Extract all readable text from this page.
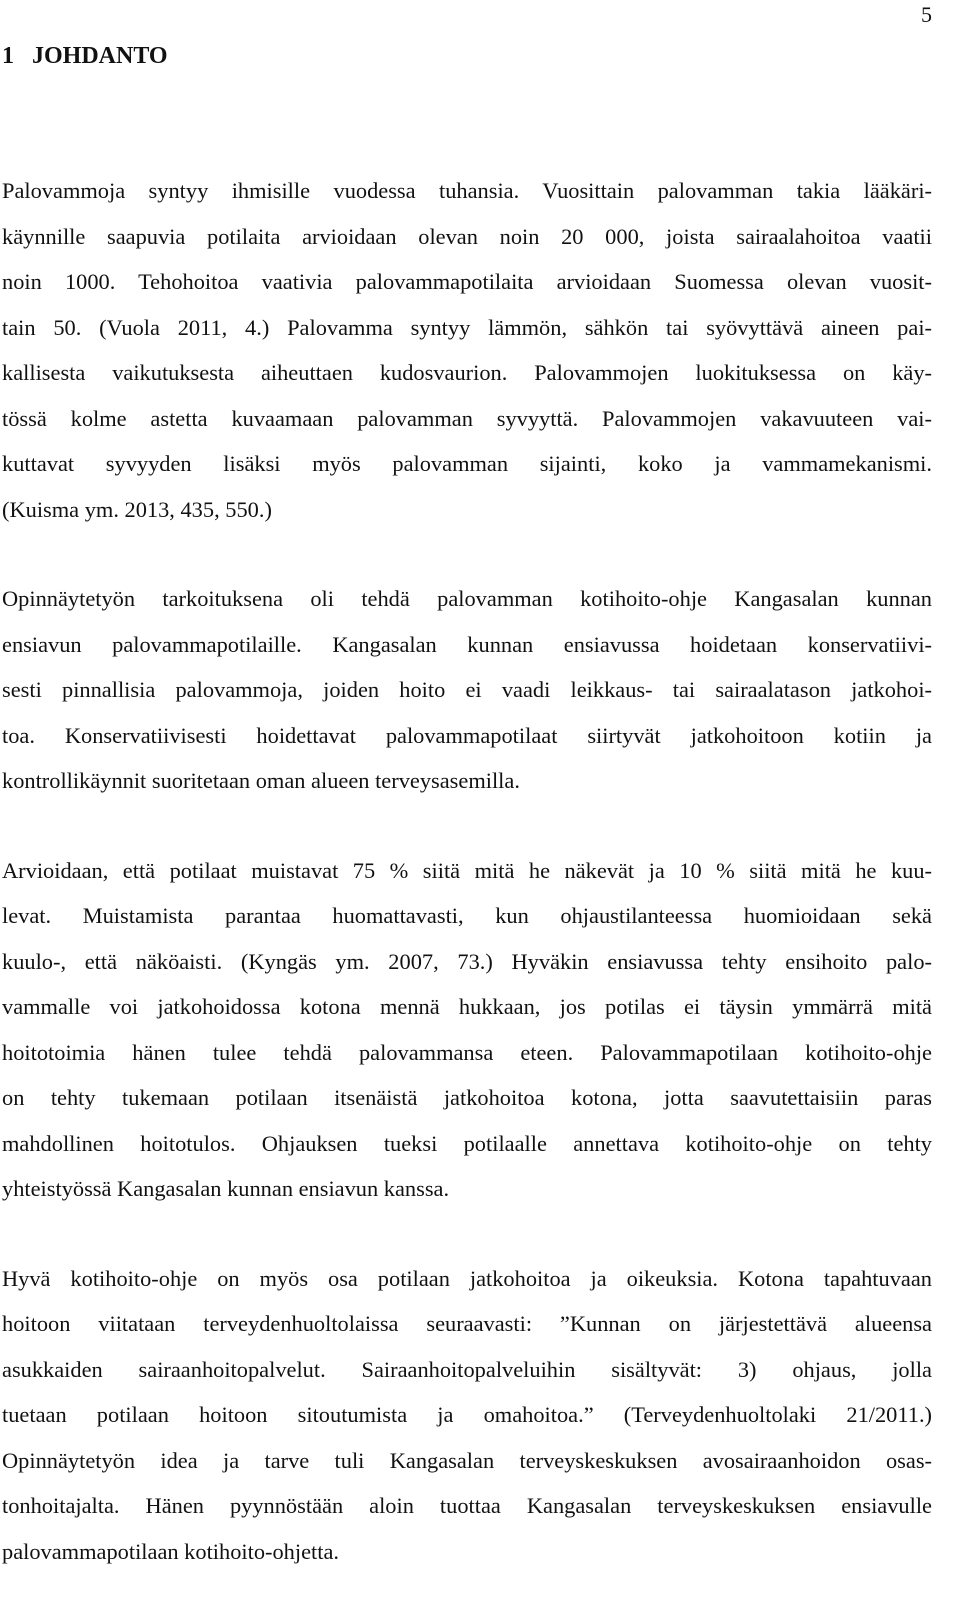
5
1   JOHDANTO

Palovammoja syntyy ihmisille vuodessa tuhansia. Vuosittain palovamman takia lääkäri-
käynnille saapuvia potilaita arvioidaan olevan noin 20 000, joista sairaalahoitoa vaatii
noin 1000. Tehohoitoa vaativia palovammapotilaita arvioidaan Suomessa olevan vuosit-
tain 50. (Vuola 2011, 4.) Palovamma syntyy lämmön, sähkön tai syövyttävä aineen pai-
kallisesta vaikutuksesta aiheuttaen kudosvaurion. Palovammojen luokituksessa on käy-
tössä kolme astetta kuvaamaan palovamman syvyyttä. Palovammojen vakavuuteen vai-
kuttavat syvyyden lisäksi myös palovamman sijainti, koko ja vammamekanismi.
(Kuisma ym. 2013, 435, 550.)

Opinnäytetyön tarkoituksena oli tehdä palovamman kotihoito-ohje Kangasalan kunnan
ensiavun palovammapotilaille. Kangasalan kunnan ensiavussa hoidetaan konservatiivi-
sesti pinnallisia palovammoja, joiden hoito ei vaadi leikkaus- tai sairaalatason jatkohoi-
toa. Konservatiivisesti hoidettavat palovammapotilaat siirtyvät jatkohoitoon kotiin ja
kontrollikäynnit suoritetaan oman alueen terveysasemilla.

Arvioidaan, että potilaat muistavat 75 % siitä mitä he näkevät ja 10 % siitä mitä he kuu-
levat. Muistamista parantaa huomattavasti, kun ohjaustilanteessa huomioidaan sekä
kuulo-, että näköaisti. (Kyngäs ym. 2007, 73.) Hyväkin ensiavussa tehty ensihoito palo-
vammalle voi jatkohoidossa kotona mennä hukkaan, jos potilas ei täysin ymmärrä mitä
hoitotoimia hänen tulee tehdä palovammansa eteen. Palovammapotilaan kotihoito-ohje
on tehty tukemaan potilaan itsenäistä jatkohoitoa kotona, jotta saavutettaisiin paras
mahdollinen hoitotulos. Ohjauksen tueksi potilaalle annettava kotihoito-ohje on tehty
yhteistyössä Kangasalan kunnan ensiavun kanssa.

Hyvä kotihoito-ohje on myös osa potilaan jatkohoitoa ja oikeuksia. Kotona tapahtuvaan
hoitoon viitataan terveydenhuoltolaissa seuraavasti: ”Kunnan on järjestettävä alueensa
asukkaiden sairaanhoitopalvelut. Sairaanhoitopalveluihin sisältyvät: 3) ohjaus, jolla
tuetaan potilaan hoitoon sitoutumista ja omahoitoa.” (Terveydenhuoltolaki 21/2011.)
Opinnäytetyön idea ja tarve tuli Kangasalan terveyskeskuksen avosairaanhoidon osas-
tonhoitajalta. Hänen pyynnöstään aloin tuottaa Kangasalan terveyskeskuksen ensiavulle
palovammapotilaan kotihoito-ohjetta.
